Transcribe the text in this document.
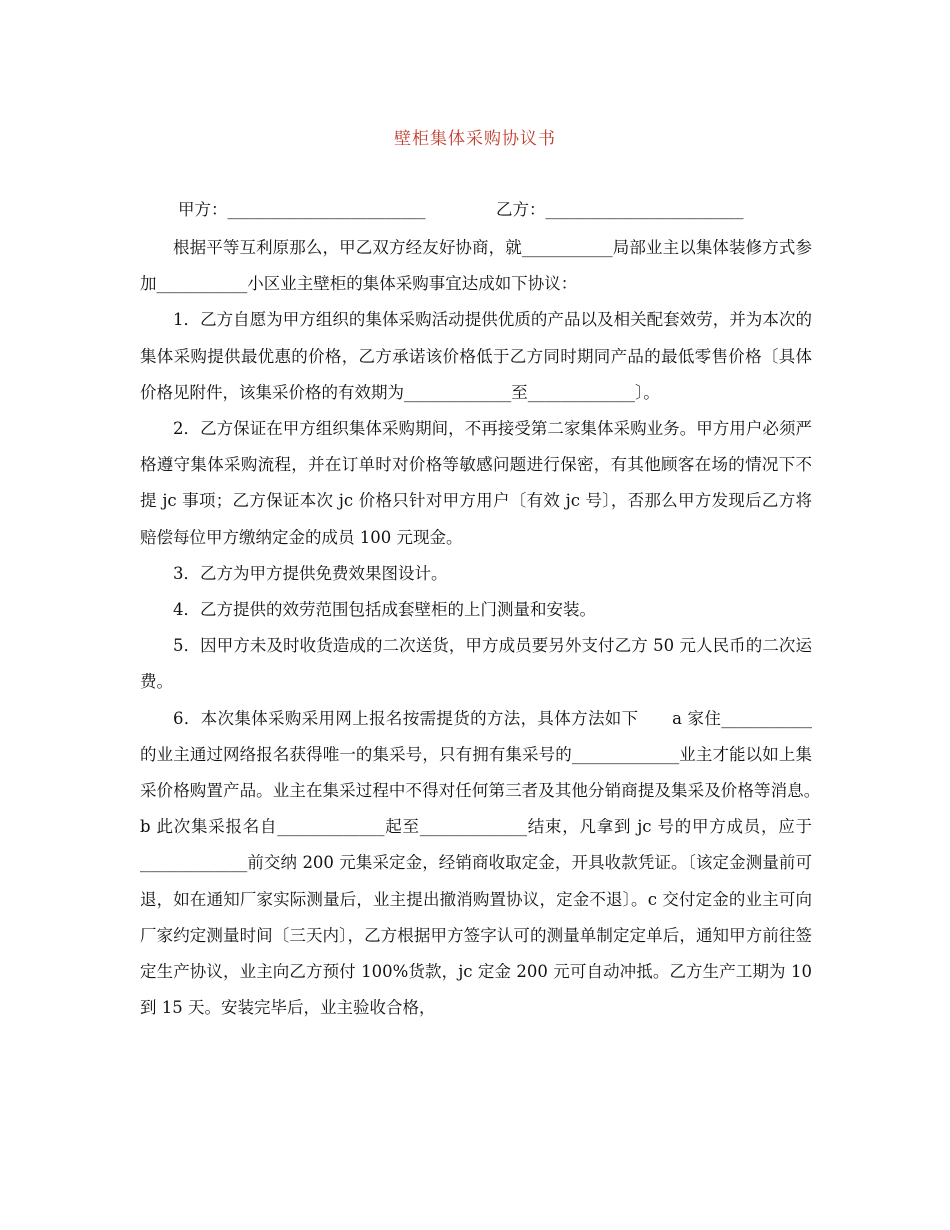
壁柜集体采购协议书
甲方：________________________	乙方：________________________

根据平等互利原那么，甲乙双方经友好协商，就___________局部业主以集体装修方式参加___________小区业主壁柜的集体采购事宜达成如下协议：

1．乙方自愿为甲方组织的集体采购活动提供优质的产品以及相关配套效劳，并为本次的集体采购提供最优惠的价格，乙方承诺该价格低于乙方同时期同产品的最低零售价格〔具体价格见附件，该集采价格的有效期为_____________至_____________〕。

2．乙方保证在甲方组织集体采购期间，不再接受第二家集体采购业务。甲方用户必须严格遵守集体采购流程，并在订单时对价格等敏感问题进行保密，有其他顾客在场的情况下不提 jc 事项；乙方保证本次 jc 价格只针对甲方用户〔有效 jc 号〕，否那么甲方发现后乙方将赔偿每位甲方缴纳定金的成员 100 元现金。

3．乙方为甲方提供免费效果图设计。

4．乙方提供的效劳范围包括成套壁柜的上门测量和安装。

5．因甲方未及时收货造成的二次送货，甲方成员要另外支付乙方 50 元人民币的二次运费。

6．本次集体采购采用网上报名按需提货的方法，具体方法如下　　a 家住___________的业主通过网络报名获得唯一的集采号，只有拥有集采号的_____________业主才能以如上集采价格购置产品。业主在集采过程中不得对任何第三者及其他分销商提及集采及价格等消息。　　b 此次集采报名自_____________起至_____________结束，凡拿到 jc 号的甲方成员，应于_____________前交纳 200 元集采定金，经销商收取定金，开具收款凭证。〔该定金测量前可退，如在通知厂家实际测量后，业主提出撤消购置协议，定金不退〕。c 交付定金的业主可向厂家约定测量时间〔三天内〕，乙方根据甲方签字认可的测量单制定定单后，通知甲方前往签定生产协议，业主向乙方预付 100%货款，jc 定金 200 元可自动冲抵。乙方生产工期为 10 到 15 天。安装完毕后，业主验收合格，
